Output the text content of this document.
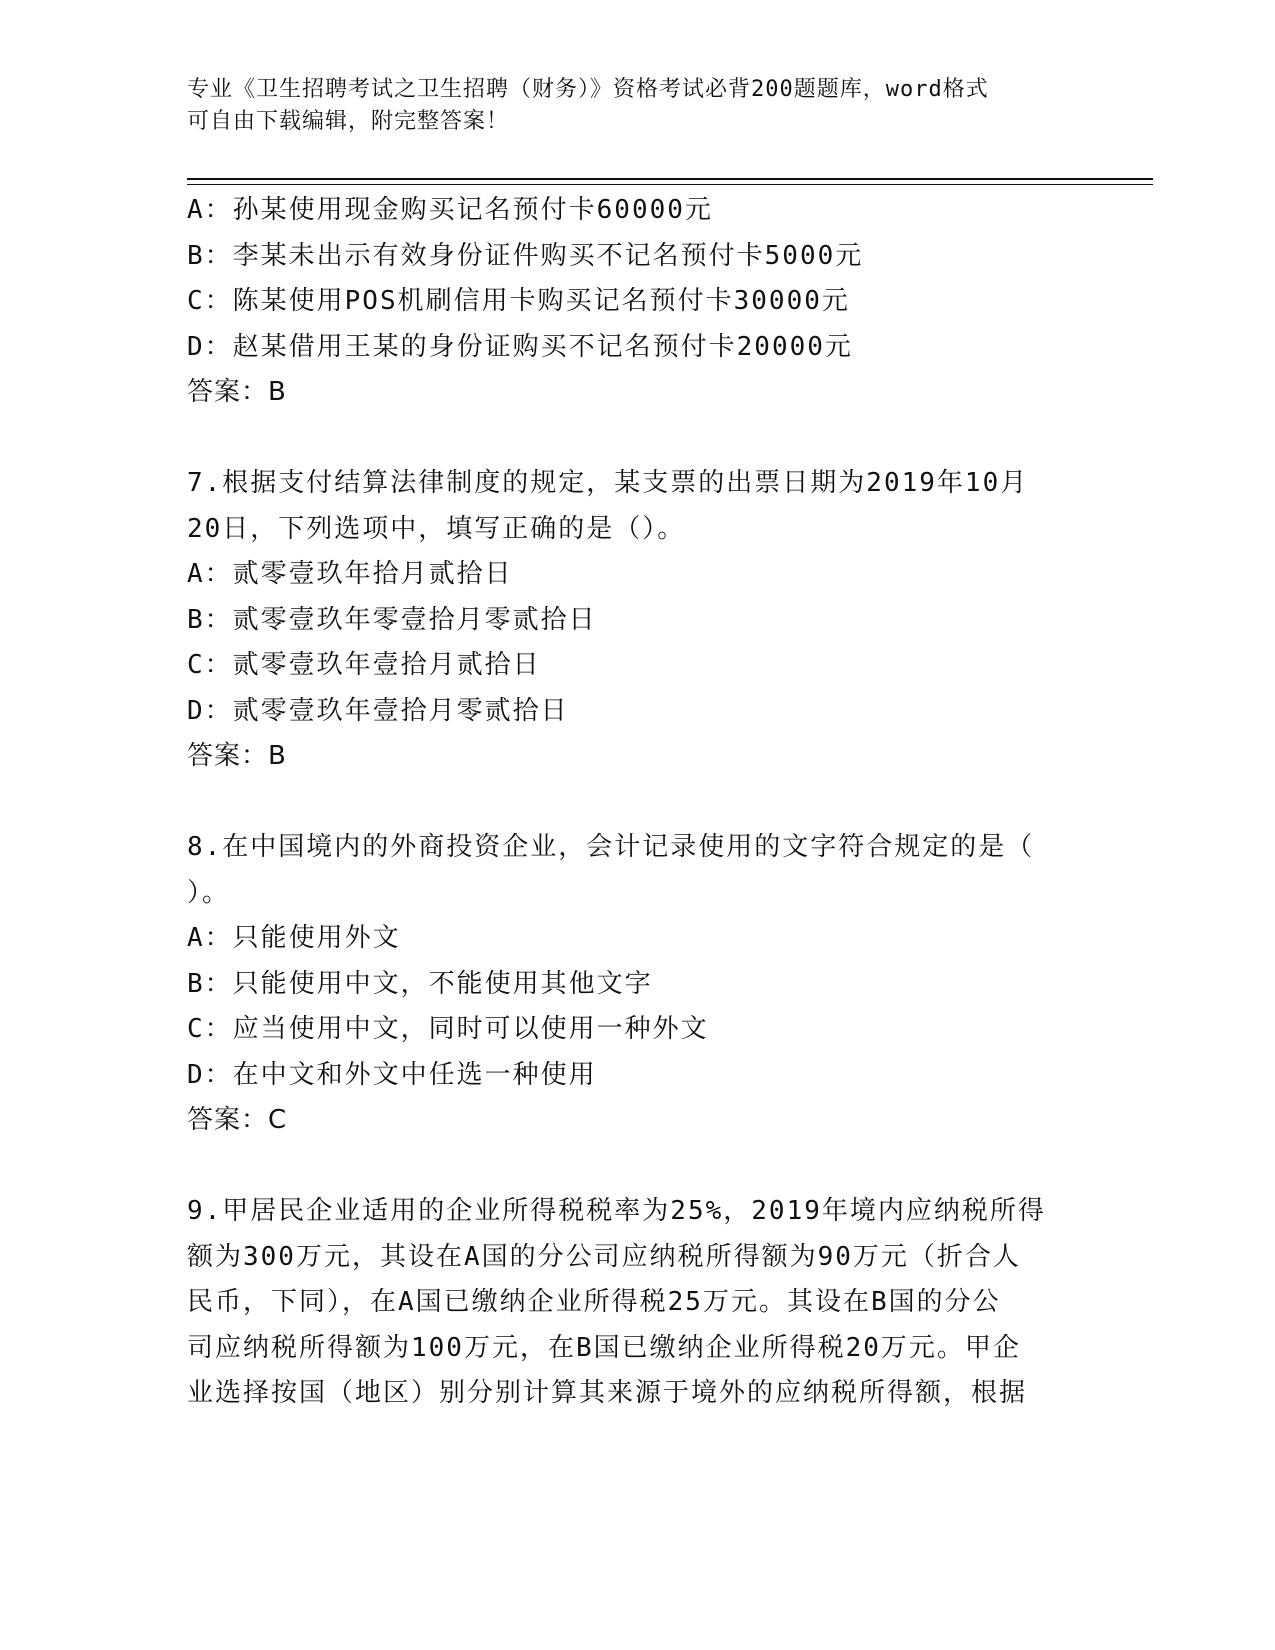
专业《卫生招聘考试之卫生招聘（财务）》资格考试必背200题题库，word格式
可自由下载编辑，附完整答案！
A：孙某使用现金购买记名预付卡60000元
B：李某未出示有效身份证件购买不记名预付卡5000元
C：陈某使用POS机刷信用卡购买记名预付卡30000元
D：赵某借用王某的身份证购买不记名预付卡20000元
答案：B
7.根据支付结算法律制度的规定，某支票的出票日期为2019年10月
20日，下列选项中，填写正确的是（）。
A：贰零壹玖年拾月贰拾日
B：贰零壹玖年零壹拾月零贰拾日
C：贰零壹玖年壹拾月贰拾日
D：贰零壹玖年壹拾月零贰拾日
答案：B
8.在中国境内的外商投资企业，会计记录使用的文字符合规定的是（
）。
A：只能使用外文
B：只能使用中文，不能使用其他文字
C：应当使用中文，同时可以使用一种外文
D：在中文和外文中任选一种使用
答案：C
9.甲居民企业适用的企业所得税税率为25%，2019年境内应纳税所得
额为300万元，其设在A国的分公司应纳税所得额为90万元（折合人
民币，下同），在A国已缴纳企业所得税25万元。其设在B国的分公
司应纳税所得额为100万元，在B国已缴纳企业所得税20万元。甲企
业选择按国（地区）别分别计算其来源于境外的应纳税所得额，根据
